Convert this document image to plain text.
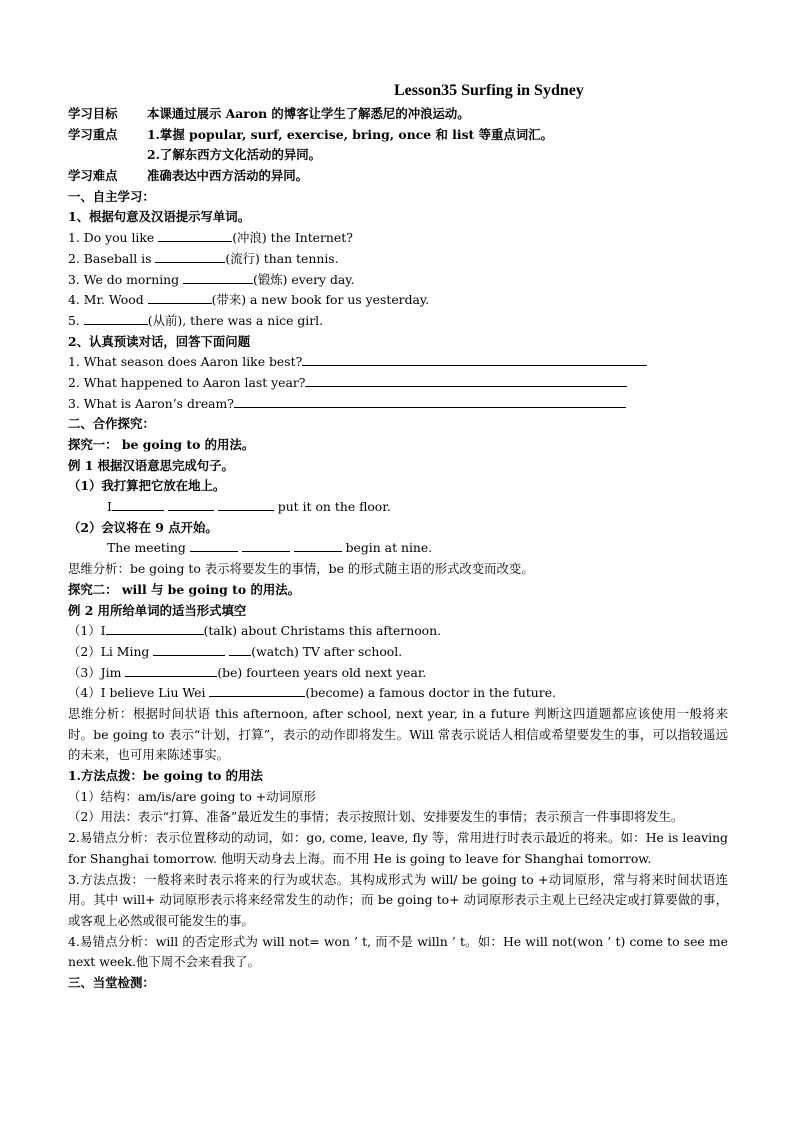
Lesson35 Surfing in Sydney
学习目标 本课通过展示 Aaron 的博客让学生了解悉尼的冲浪运动。
学习重点 1.掌握 popular, surf, exercise, bring, once 和 list 等重点词汇。
2.了解东西方文化活动的异同。
学习难点 准确表达中西方活动的异同。
一、自主学习：
1、根据句意及汉语提示写单词。
1. Do you like	(冲浪) the Internet?
2. Baseball is	(流行) than tennis.
3. We do morning	(锻炼) every day.
4. Mr. Wood	(带来) a new book for us yesterday.
5.	(从前), there was a nice girl.
2、认真预读对话，回答下面问题
1. What season does Aaron like best?
2. What happened to Aaron last year?
3. What is Aaron’s dream?
二、合作探究：
探究一： be going to 的用法。
例 1 根据汉语意思完成句子。
（1）我打算把它放在地上。
I	put it on the floor.
（2）会议将在 9 点开始。
The meeting	begin at nine.
思维分析：be going to 表示将要发生的事情，be 的形式随主语的形式改变而改变。
探究二： will 与 be going to 的用法。
例 2 用所给单词的适当形式填空
（1）I	(talk) about Christams this afternoon.
（2）Li Ming	(watch) TV after school.
（3）Jim	(be) fourteen years old next year.
（4）I believe Liu Wei	(become) a famous doctor in the future.
思维分析：根据时间状语 this afternoon, after school, next year, in a future 判断这四道题都应该使用一般将来时。be going to 表示“计划，打算”，表示的动作即将发生。Will 常表示说话人相信或希望要发生的事，可以指较遥远的未来，也可用来陈述事实。
1.方法点拨：be going to 的用法
（1）结构：am/is/are going to +动词原形
（2）用法：表示“打算、准备”最近发生的事情；表示按照计划、安排要发生的事情；表示预言一件事即将发生。
2.易错点分析：表示位置移动的动词，如：go, come, leave, fly 等，常用进行时表示最近的将来。如：He is leaving for Shanghai tomorrow. 他明天动身去上海。而不用 He is going to leave for Shanghai tomorrow.
3.方法点拨：一般将来时表示将来的行为或状态。其构成形式为 will/ be going to +动词原形，常与将来时间状语连用。其中 will+ 动词原形表示将来经常发生的动作；而 be going to+ 动词原形表示主观上已经决定或打算要做的事，或客观上必然或很可能发生的事。
4.易错点分析：will 的否定形式为 will not= won ’ t, 而不是 willn ’ t。如：He will not(won ’ t) come to see me next week.他下周不会来看我了。
三、当堂检测：
